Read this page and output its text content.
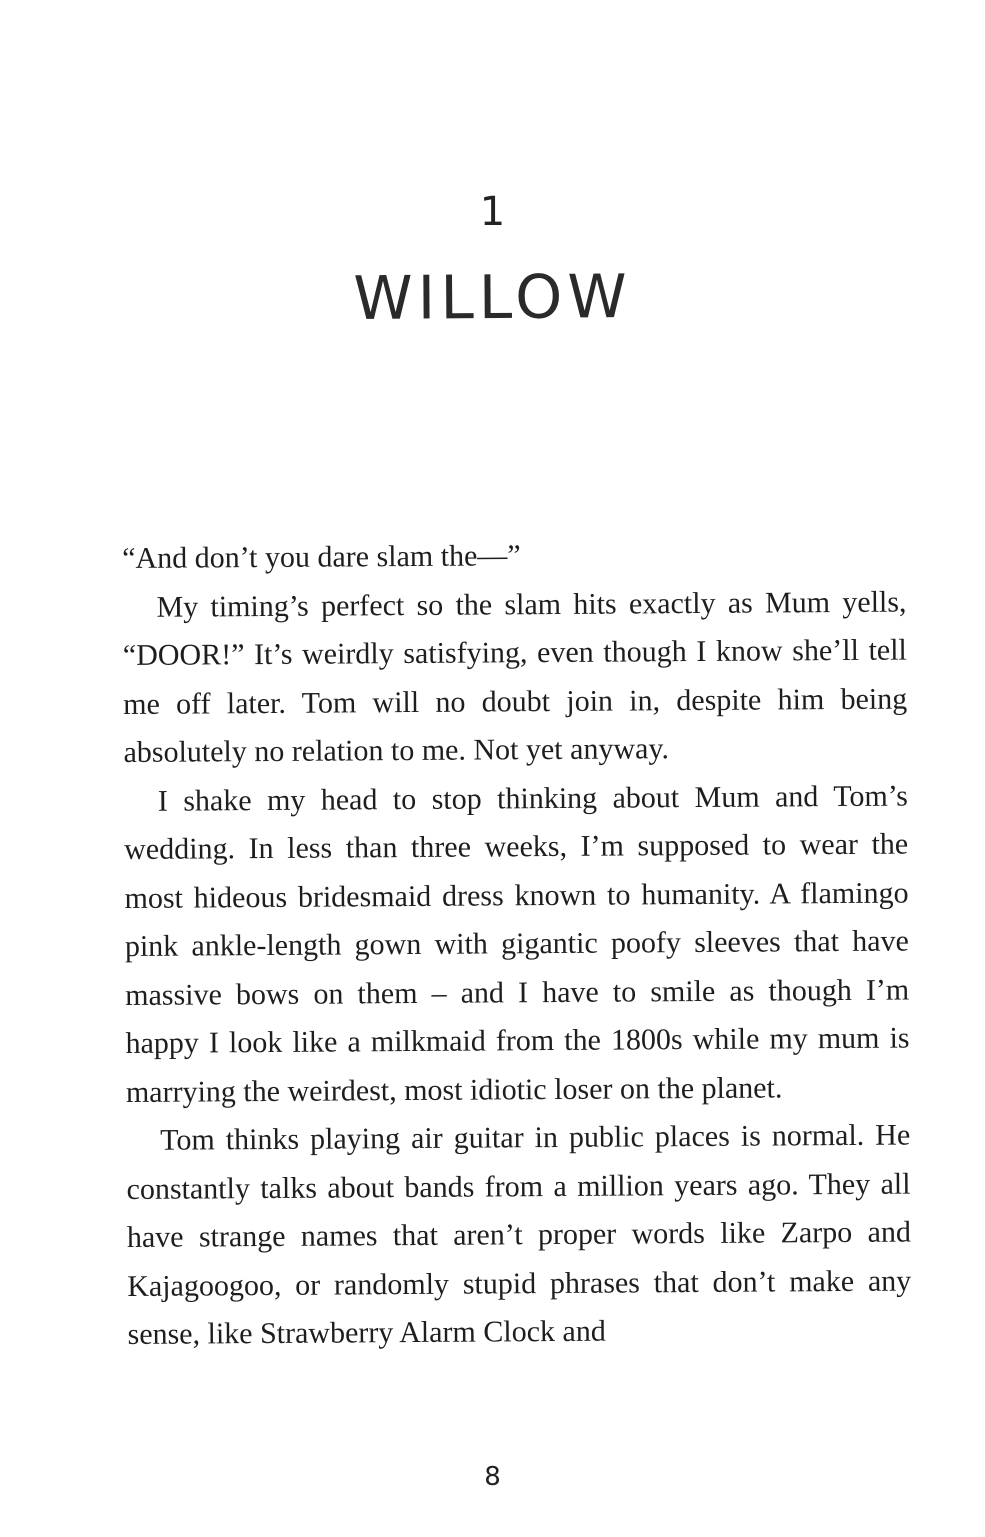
1
WILLOW

“And don’t you dare slam the—”

My timing’s perfect so the slam hits exactly as Mum yells, “DOOR!” It’s weirdly satisfying, even though I know she’ll tell me off later. Tom will no doubt join in, despite him being absolutely no relation to me. Not yet anyway.

I shake my head to stop thinking about Mum and Tom’s wedding. In less than three weeks, I’m supposed to wear the most hideous bridesmaid dress known to humanity. A flamingo pink ankle-length gown with gigantic poofy sleeves that have massive bows on them – and I have to smile as though I’m happy I look like a milkmaid from the 1800s while my mum is marrying the weirdest, most idiotic loser on the planet.

Tom thinks playing air guitar in public places is normal. He constantly talks about bands from a million years ago. They all have strange names that aren’t proper words like Zarpo and Kajagoogoo, or randomly stupid phrases that don’t make any sense, like Strawberry Alarm Clock and

8
